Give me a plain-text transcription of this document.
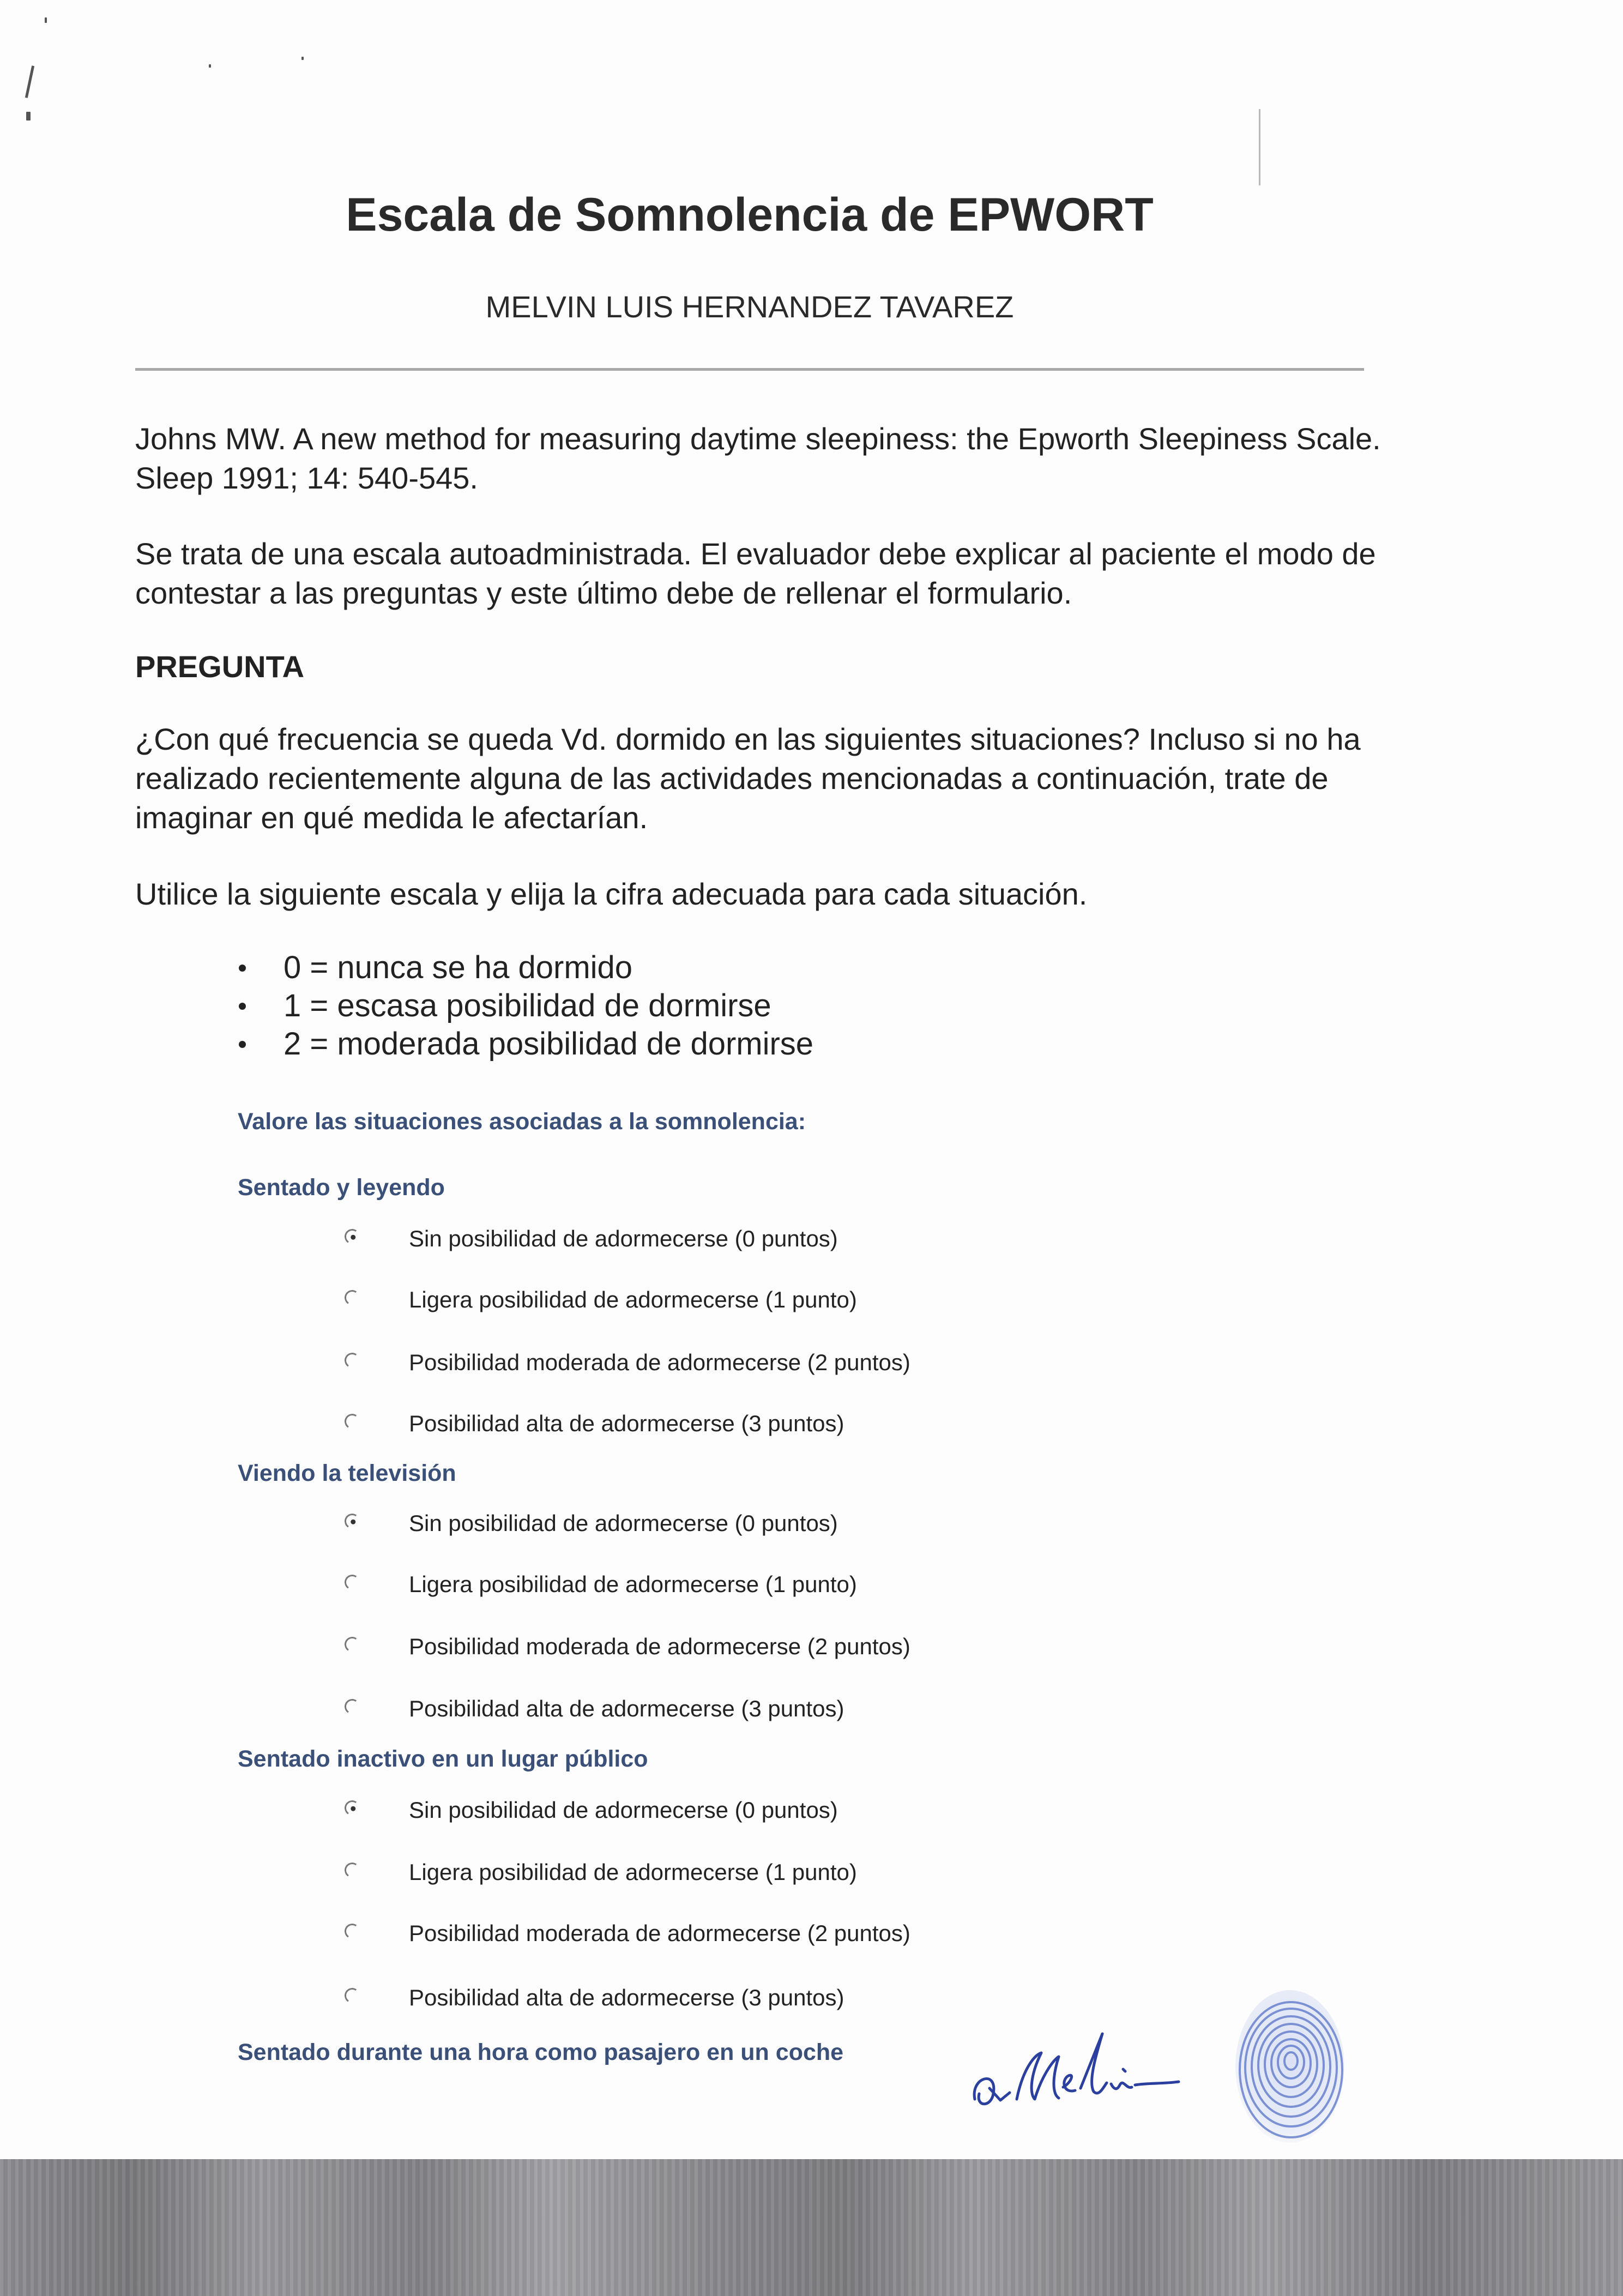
Escala de Somnolencia de EPWORT
MELVIN LUIS HERNANDEZ TAVAREZ
Johns MW. A new method for measuring daytime sleepiness: the Epworth Sleepiness Scale. Sleep 1991; 14: 540-545.
Se trata de una escala autoadministrada. El evaluador debe explicar al paciente el modo de contestar a las preguntas y este último debe de rellenar el formulario.
PREGUNTA
¿Con qué frecuencia se queda Vd. dormido en las siguientes situaciones? Incluso si no ha realizado recientemente alguna de las actividades mencionadas a continuación, trate de imaginar en qué medida le afectarían.
Utilice la siguiente escala y elija la cifra adecuada para cada situación.
0 = nunca se ha dormido
1 = escasa posibilidad de dormirse
2 = moderada posibilidad de dormirse
Valore las situaciones asociadas a la somnolencia:
Sentado y leyendo
Sin posibilidad de adormecerse (0 puntos)
Ligera posibilidad de adormecerse (1 punto)
Posibilidad moderada de adormecerse (2 puntos)
Posibilidad alta de adormecerse (3 puntos)
Viendo la televisión
Sin posibilidad de adormecerse (0 puntos)
Ligera posibilidad de adormecerse (1 punto)
Posibilidad moderada de adormecerse (2 puntos)
Posibilidad alta de adormecerse (3 puntos)
Sentado inactivo en un lugar público
Sin posibilidad de adormecerse (0 puntos)
Ligera posibilidad de adormecerse (1 punto)
Posibilidad moderada de adormecerse (2 puntos)
Posibilidad alta de adormecerse (3 puntos)
Sentado durante una hora como pasajero en un coche
